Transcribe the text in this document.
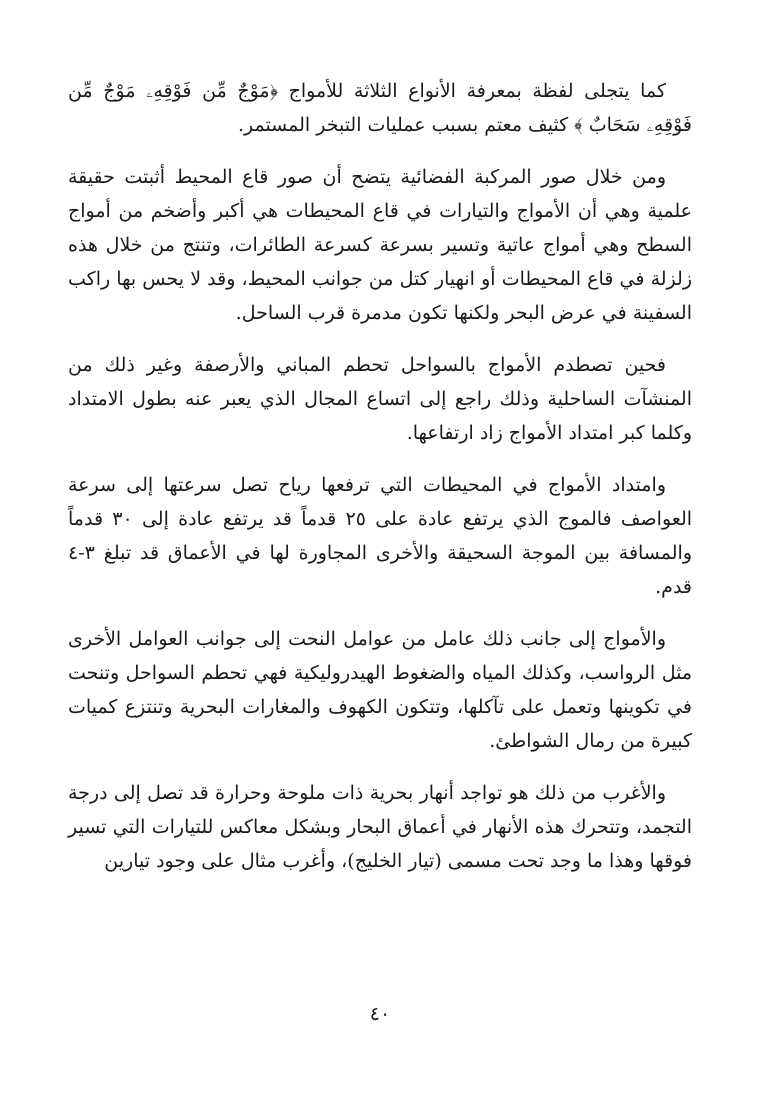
كما يتجلى لفظة بمعرفة الأنواع الثلاثة للأمواج ﴿مَوْجٌ مِّن فَوْقِهِۦ مَوْجٌ مِّن فَوْقِهِۦ سَحَابٌ ﴾ كثيف معتم بسبب عمليات التبخر المستمر.

ومن خلال صور المركبة الفضائية يتضح أن صور قاع المحيط أثبتت حقيقة علمية وهي أن الأمواج والتيارات في قاع المحيطات هي أكبر وأضخم من أمواج السطح وهي أمواج عاتية وتسير بسرعة كسرعة الطائرات، وتنتج من خلال هذه زلزلة في قاع المحيطات أو انهيار كتل من جوانب المحيط، وقد لا يحس بها راكب السفينة في عرض البحر ولكنها تكون مدمرة قرب الساحل.

فحين تصطدم الأمواج بالسواحل تحطم المباني والأرصفة وغير ذلك من المنشآت الساحلية وذلك راجع إلى اتساع المجال الذي يعبر عنه بطول الامتداد وكلما كبر امتداد الأمواج زاد ارتفاعها.

وامتداد الأمواج في المحيطات التي ترفعها رياح تصل سرعتها إلى سرعة العواصف فالموج الذي يرتفع عادة على ٢٥ قدماً قد يرتفع عادة إلى ٣٠ قدماً والمسافة بين الموجة السحيقة والأخرى المجاورة لها في الأعماق قد تبلغ ٣-٤ قدم.

والأمواج إلى جانب ذلك عامل من عوامل النحت إلى جوانب العوامل الأخرى مثل الرواسب، وكذلك المياه والضغوط الهيدروليكية فهي تحطم السواحل وتنحت في تكوينها وتعمل على تآكلها، وتتكون الكهوف والمغارات البحرية وتنتزع كميات كبيرة من رمال الشواطئ.

والأغرب من ذلك هو تواجد أنهار بحرية ذات ملوحة وحرارة قد تصل إلى درجة التجمد، وتتحرك هذه الأنهار في أعماق البحار وبشكل معاكس للتيارات التي تسير فوقها وهذا ما وجد تحت مسمى (تيار الخليج)، وأغرب مثال على وجود تيارين

٤٠
